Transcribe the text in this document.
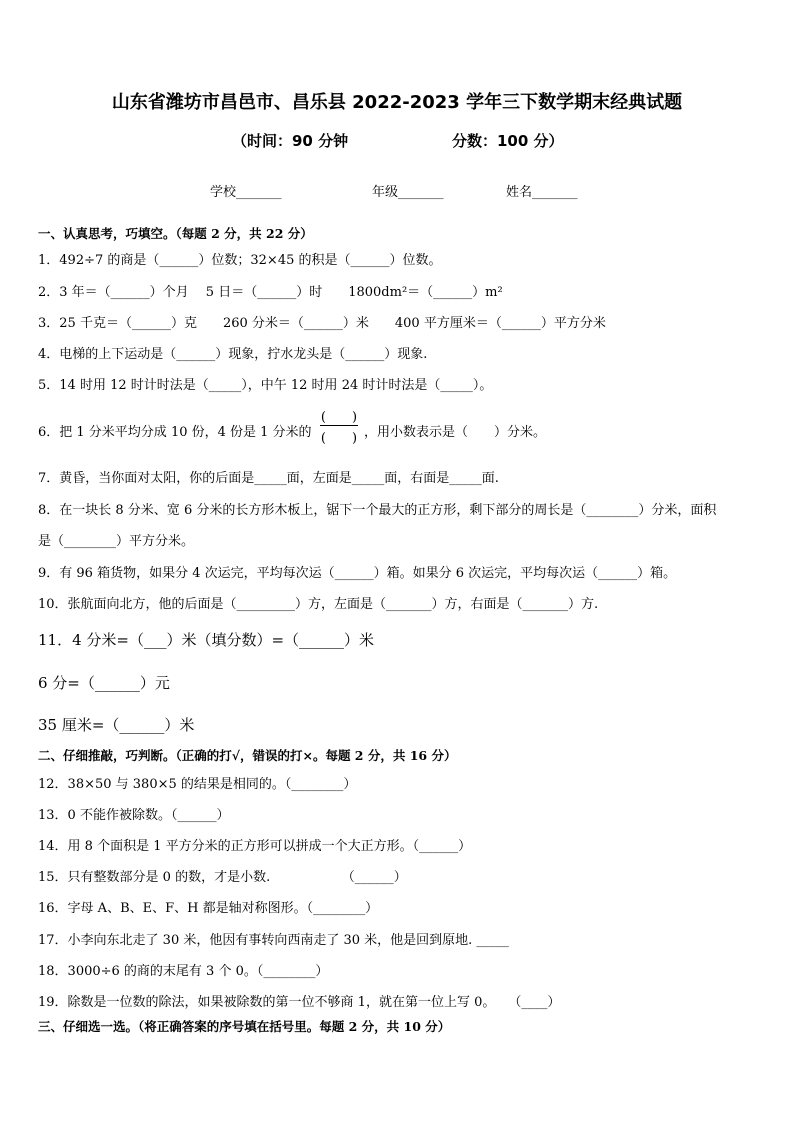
山东省潍坊市昌邑市、昌乐县 2022-2023 学年三下数学期末经典试题
（时间：90 分钟	分数：100 分）
学校_______	年级_______	姓名_______
一、认真思考，巧填空。（每题 2 分，共 22 分）
1．492÷7 的商是（______）位数；32×45 的积是（______）位数。
2．3 年＝（______）个月　 5 日＝（______）时　　1800dm²＝（______）m²
3．25 千克＝（______）克　　260 分米＝（______）米　　400 平方厘米＝（______）平方分米
4．电梯的上下运动是（______）现象，拧水龙头是（______）现象.
5．14 时用 12 时计时法是（_____），中午 12 时用 24 时计时法是（_____）。
6．把 1 分米平均分成 10 份，4 份是 1 分米的
(　　)
(　　) ，用小数表示是（　　）分米。
7．黄昏，当你面对太阳，你的后面是_____面，左面是_____面，右面是_____面.
8．在一块长 8 分米、宽 6 分米的长方形木板上，锯下一个最大的正方形，剩下部分的周长是（________）分米，面积
是（________）平方分米。
9．有 96 箱货物，如果分 4 次运完，平均每次运（______）箱。如果分 6 次运完，平均每次运（______）箱。
10．张航面向北方，他的后面是（_________）方，左面是（_______）方，右面是（_______）方.
11．4 分米=（___）米（填分数）=（______）米
6 分=（______）元
35 厘米=（______）米
二、仔细推敲，巧判断。（正确的打√，错误的打×。每题 2 分，共 16 分）
12．38×50 与 380×5 的结果是相同的。（________）
13．0 不能作被除数。（______）
14．用 8 个面积是 1 平方分米的正方形可以拼成一个大正方形。（______）
15．只有整数部分是 0 的数，才是小数.　　　　　　（______）
16．字母 A、B、E、F、H 都是轴对称图形。（________）
17．小李向东北走了 30 米，他因有事转向西南走了 30 米，他是回到原地. _____
18．3000÷6 的商的末尾有 3 个 0。（________）
19．除数是一位数的除法，如果被除数的第一位不够商 1，就在第一位上写 0。　　（____）
三、仔细选一选。（将正确答案的序号填在括号里。每题 2 分，共 10 分）
